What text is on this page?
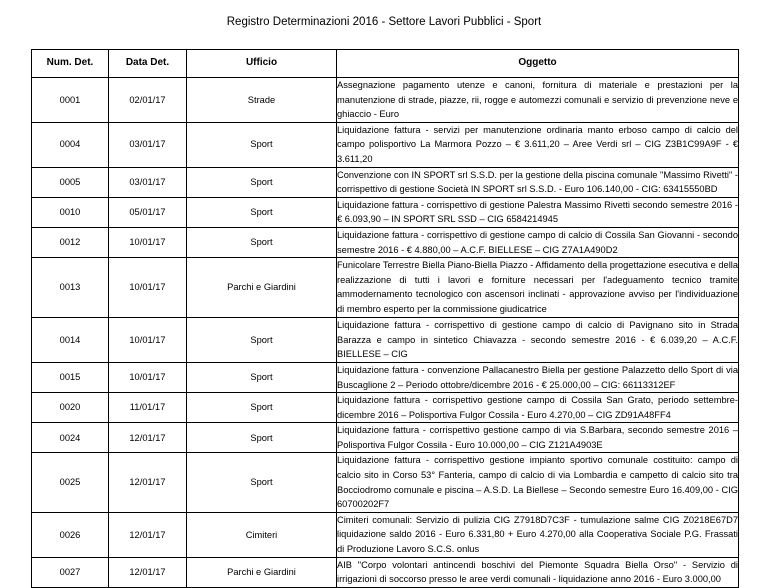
Registro Determinazioni 2016 - Settore Lavori Pubblici - Sport
Num. Det.	Data Det.	Ufficio	Oggetto
0001	02/01/17	Strade	Assegnazione pagamento utenze e canoni, fornitura di materiale e prestazioni per la manutenzione di strade, piazze, rii, rogge e automezzi comunali e servizio di prevenzione neve e ghiaccio - Euro
0004	03/01/17	Sport	Liquidazione fattura - servizi per manutenzione ordinaria manto erboso campo di calcio del campo polisportivo La Marmora Pozzo – € 3.611,20 – Aree Verdi srl – CIG Z3B1C99A9F - € 3.611,20
0005	03/01/17	Sport	Convenzione con IN SPORT srl S.S.D. per la gestione della piscina comunale "Massimo Rivetti" - corrispettivo di gestione Società IN SPORT srl S.S.D. - Euro 106.140,00 - CIG: 63415550BD
0010	05/01/17	Sport	Liquidazione fattura - corrispettivo di gestione Palestra Massimo Rivetti secondo semestre 2016 - € 6.093,90 – IN SPORT SRL SSD – CIG 6584214945
0012	10/01/17	Sport	Liquidazione fattura - corrispettivo di gestione campo di calcio di Cossila San Giovanni - secondo semestre 2016 - € 4.880,00 – A.C.F. BIELLESE – CIG Z7A1A490D2
0013	10/01/17	Parchi e Giardini	Funicolare Terrestre Biella Piano-Biella Piazzo - Affidamento della progettazione esecutiva e della realizzazione di tutti i lavori e forniture necessari per l'adeguamento tecnico tramite ammodernamento tecnologico con ascensori inclinati - approvazione avviso per l'individuazione di membro esperto per la commissione giudicatrice
0014	10/01/17	Sport	Liquidazione fattura - corrispettivo di gestione campo di calcio di Pavignano sito in Strada Barazza e campo in sintetico Chiavazza - secondo semestre 2016 - € 6.039,20 – A.C.F. BIELLESE – CIG
0015	10/01/17	Sport	Liquidazione fattura - convenzione Pallacanestro Biella per gestione Palazzetto dello Sport di via Buscaglione 2 – Periodo ottobre/dicembre 2016 - € 25.000,00 – CIG: 66113312EF
0020	11/01/17	Sport	Liquidazione fattura - corrispettivo gestione campo di Cossila San Grato, periodo settembre-dicembre 2016 – Polisportiva Fulgor Cossila - Euro 4.270,00 – CIG ZD91A48FF4
0024	12/01/17	Sport	Liquidazione fattura - corrispettivo gestione campo di via S.Barbara, secondo semestre 2016 – Polisportiva Fulgor Cossila - Euro 10.000,00 – CIG Z121A4903E
0025	12/01/17	Sport	Liquidazione fattura - corrispettivo gestione impianto sportivo comunale costituito: campo di calcio sito in Corso 53° Fanteria, campo di calcio di via Lombardia e campetto di calcio sito tra Bocciodromo comunale e piscina – A.S.D. La Biellese – Secondo semestre Euro 16.409,00 - CIG 60700202F7
0026	12/01/17	Cimiteri	Cimiteri comunali: Servizio di pulizia CIG Z7918D7C3F - tumulazione salme CIG Z0218E67D7 liquidazione saldo 2016 - Euro 6.331,80 + Euro 4.270,00 alla Cooperativa Sociale P.G. Frassati di Produzione Lavoro S.C.S. onlus
0027	12/01/17	Parchi e Giardini	AIB "Corpo volontari antincendi boschivi del Piemonte Squadra Biella Orso" - Servizio di irrigazioni di soccorso presso le aree verdi comunali - liquidazione anno 2016 - Euro 3.000,00
